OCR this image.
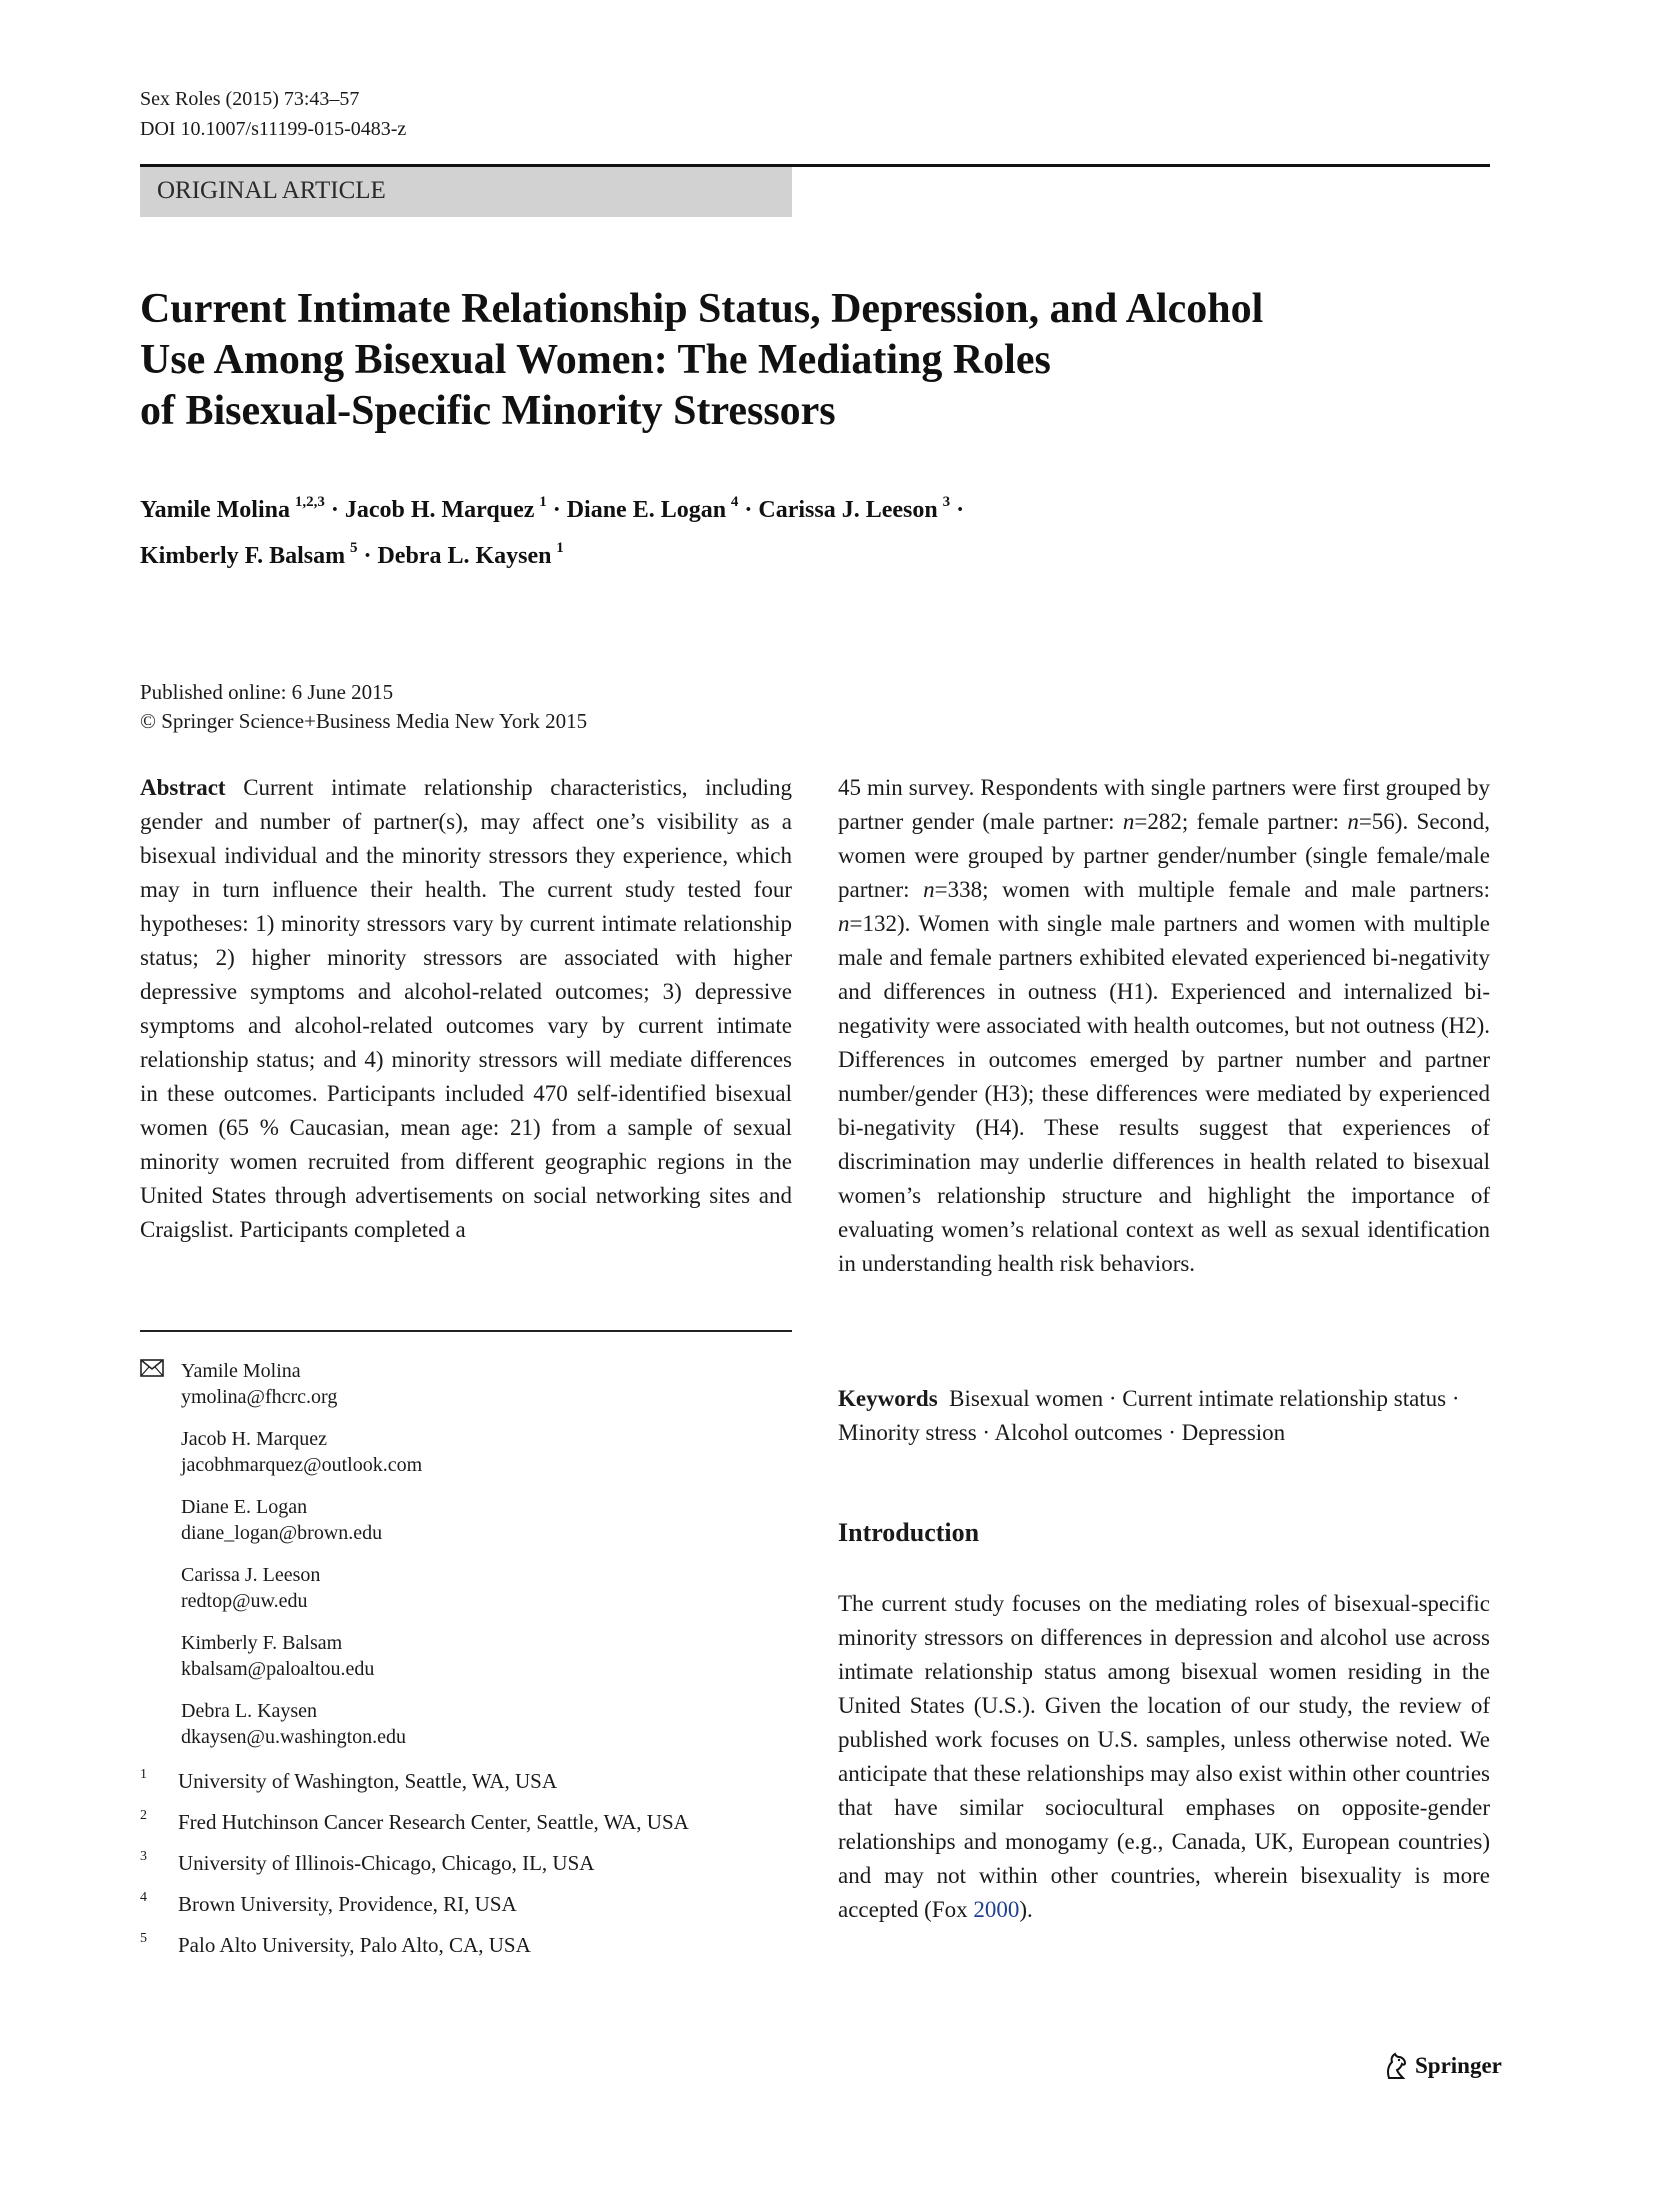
Sex Roles (2015) 73:43–57
DOI 10.1007/s11199-015-0483-z
ORIGINAL ARTICLE
Current Intimate Relationship Status, Depression, and Alcohol
Use Among Bisexual Women: The Mediating Roles
of Bisexual-Specific Minority Stressors
Yamile Molina  $^{1,2,3}$ · Jacob H. Marquez  $^1$ · Diane E. Logan  $^4$ · Carissa J. Leeson  $^3$ ·
Kimberly F. Balsam  $^5$ · Debra L. Kaysen  $^1$
Published online: 6 June 2015
© Springer Science+Business Media New York 2015

Abstract Current intimate relationship characteristics, including gender and number of partner(s), may affect one’s visibility as a bisexual individual and the minority stressors they experience, which may in turn influence their health. The current study tested four hypotheses: 1) minority stressors vary by current intimate relationship status; 2) higher minority stressors are associated with higher depressive symptoms and alcohol-related outcomes; 3) depressive symptoms and alcohol-related outcomes vary by current intimate relationship status; and 4) minority stressors will mediate differences in these outcomes. Participants included 470 self-identified bisexual women (65 % Caucasian, mean age: 21) from a sample of sexual minority women recruited from different geographic regions in the United States through advertisements on social networking sites and Craigslist. Participants completed a

45 min survey. Respondents with single partners were first grouped by partner gender (male partner: n=282; female partner: n=56). Second, women were grouped by partner gender/number (single female/male partner: n=338; women with multiple female and male partners: n=132). Women with single male partners and women with multiple male and female partners exhibited elevated experienced bi-negativity and differences in outness (H1). Experienced and internalized bi-negativity were associated with health outcomes, but not outness (H2). Differences in outcomes emerged by partner number and partner number/gender (H3); these differences were mediated by experienced bi-negativity (H4). These results suggest that experiences of discrimination may underlie differences in health related to bisexual women’s relationship structure and highlight the importance of evaluating women’s relational context as well as sexual identification in understanding health risk behaviors.

Yamile Molina
ymolina@fhcrc.org
Jacob H. Marquez
jacobhmarquez@outlook.com
Diane E. Logan
diane_logan@brown.edu
Carissa J. Leeson
redtop@uw.edu
Kimberly F. Balsam
kbalsam@paloaltou.edu
Debra L. Kaysen
dkaysen@u.washington.edu
1 University of Washington, Seattle, WA, USA
2 Fred Hutchinson Cancer Research Center, Seattle, WA, USA
3 University of Illinois-Chicago, Chicago, IL, USA
4 Brown University, Providence, RI, USA
5 Palo Alto University, Palo Alto, CA, USA
Keywords  Bisexual women · Current intimate relationship status · Minority stress · Alcohol outcomes · Depression
Introduction

The current study focuses on the mediating roles of bisexual-specific minority stressors on differences in depression and alcohol use across intimate relationship status among bisexual women residing in the United States (U.S.). Given the location of our study, the review of published work focuses on U.S. samples, unless otherwise noted. We anticipate that these relationships may also exist within other countries that have similar sociocultural emphases on opposite-gender relationships and monogamy (e.g., Canada, UK, European countries) and may not within other countries, wherein bisexuality is more accepted (Fox 2000).

Springer
